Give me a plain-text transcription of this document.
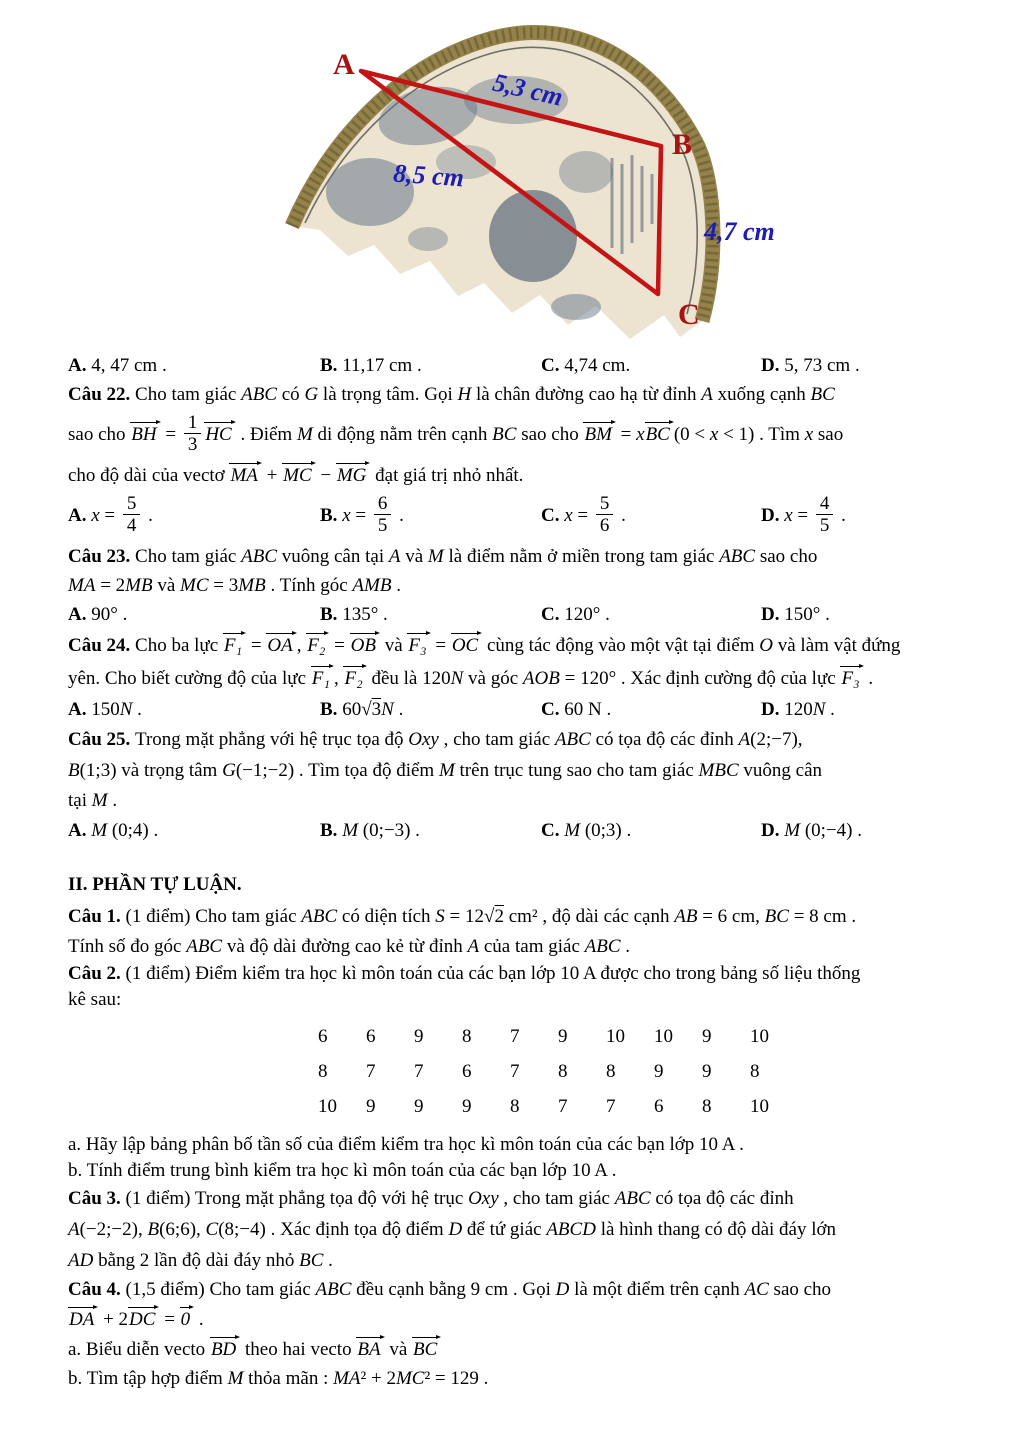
A
B
C
5,3 cm
8,5 cm
4,7 cm

A. 4, 47 cm .	B. 11,17 cm .	C. 4,74 cm.	D. 5, 73 cm .

Câu 22. Cho tam giác ABC có G là trọng tâm. Gọi H là chân đường cao hạ từ đỉnh A xuống cạnh BC

sao cho BH = $\frac{1}{3}$ HC . Điểm M di động nằm trên cạnh BC sao cho BM = xBC (0 < x < 1) . Tìm x sao

cho độ dài của vectơ MA + MC − MG đạt giá trị nhỏ nhất.

A. $x = \frac{5}{4}$ .	B. $x = \frac{6}{5}$ .	C. $x = \frac{5}{6}$ .	D. $x = \frac{4}{5}$ .

Câu 23. Cho tam giác ABC vuông cân tại A và M là điểm nằm ở miền trong tam giác ABC sao cho

MA = 2MB và MC = 3MB . Tính góc AMB .

A. 90° .	B. 135° .	C. 120° .	D. 150° .

Câu 24. Cho ba lực F₁ = OA , F₂ = OB và F₃ = OC cùng tác động vào một vật tại điểm O và làm vật đứng

yên. Cho biết cường độ của lực F₁ , F₂ đều là 120N và góc AOB = 120° . Xác định cường độ của lực F₃ .

A. 150N .	B. 60√3N .	C. 60 N .	D. 120N .

Câu 25. Trong mặt phẳng với hệ trục tọa độ Oxy , cho tam giác ABC có tọa độ các đỉnh A(2;−7),

B(1;3) và trọng tâm G(−1;−2) . Tìm tọa độ điểm M trên trục tung sao cho tam giác MBC vuông cân

tại M .

A. M (0;4) .	B. M (0;−3) .	C. M (0;3) .	D. M (0;−4) .

II. PHẦN TỰ LUẬN.

Câu 1. (1 điểm) Cho tam giác ABC có diện tích S = 12√2 cm² , độ dài các cạnh AB = 6 cm, BC = 8 cm .

Tính số đo góc ABC và độ dài đường cao kẻ từ đỉnh A của tam giác ABC .

Câu 2. (1 điểm) Điểm kiểm tra học kì môn toán của các bạn lớp 10 A được cho trong bảng số liệu thống

kê sau:

6	6	9	8	7	9	10	10	9	10
8	7	7	6	7	8	8	9	9	8
10	9	9	9	8	7	7	6	8	10

a. Hãy lập bảng phân bố tần số của điểm kiểm tra học kì môn toán của các bạn lớp 10 A .

b. Tính điểm trung bình kiểm tra học kì môn toán của các bạn lớp 10 A .

Câu 3. (1 điểm) Trong mặt phẳng tọa độ với hệ trục Oxy , cho tam giác ABC có tọa độ các đỉnh

A(−2;−2), B(6;6), C(8;−4) . Xác định tọa độ điểm D để tứ giác ABCD là hình thang có độ dài đáy lớn

AD bằng 2 lần độ dài đáy nhỏ BC .

Câu 4. (1,5 điểm) Cho tam giác ABC đều cạnh bằng 9 cm . Gọi D là một điểm trên cạnh AC sao cho

DA + 2DC = 0 .

a. Biểu diễn vecto BD theo hai vecto BA và BC

b. Tìm tập hợp điểm M thỏa mãn : MA² + 2MC² = 129 .
